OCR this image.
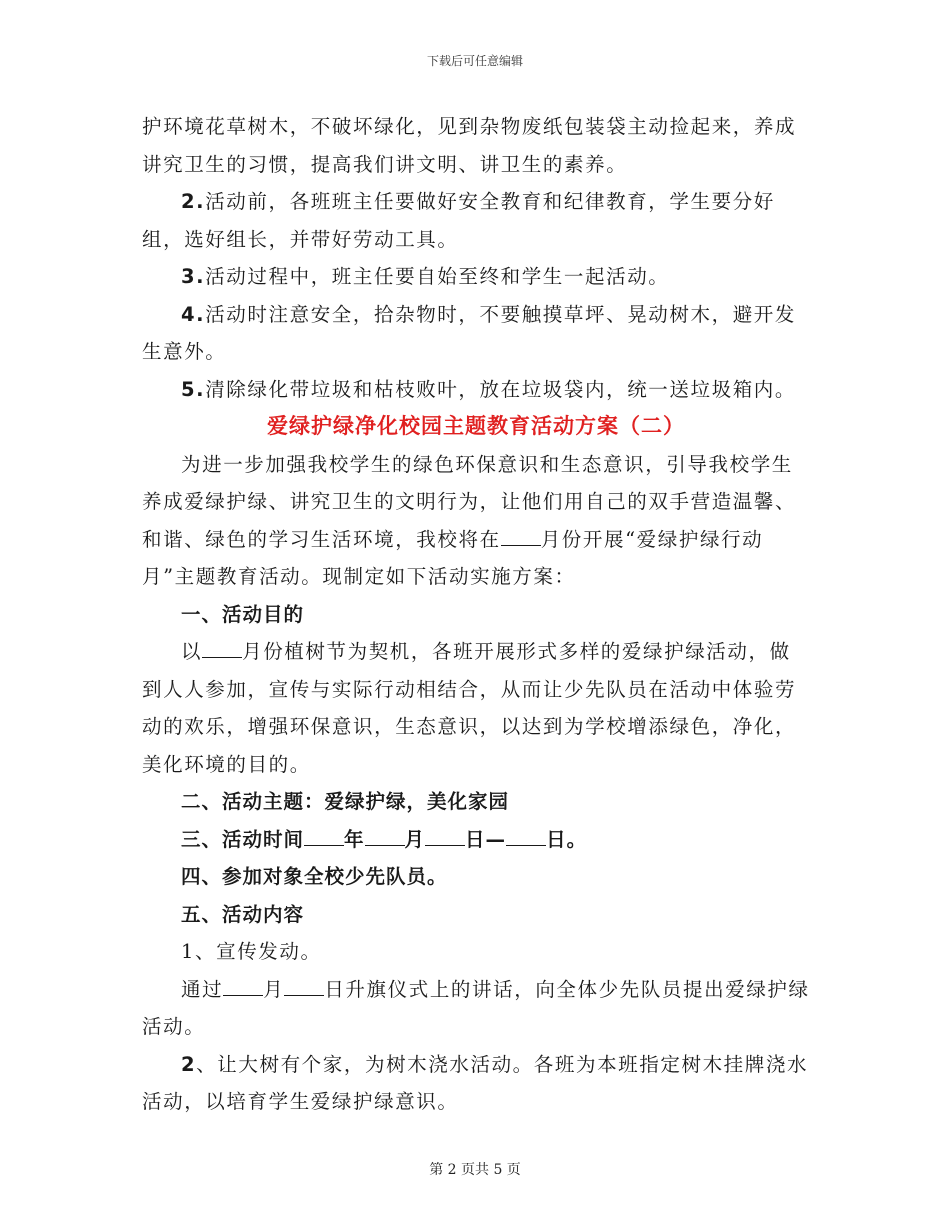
下载后可任意编辑

护环境花草树木，不破坏绿化，见到杂物废纸包装袋主动捡起来，养成讲究卫生的习惯，提高我们讲文明、讲卫生的素养。

2.活动前，各班班主任要做好安全教育和纪律教育，学生要分好组，选好组长，并带好劳动工具。

3.活动过程中，班主任要自始至终和学生一起活动。

4.活动时注意安全，拾杂物时，不要触摸草坪、晃动树木，避开发生意外。

5.清除绿化带垃圾和枯枝败叶，放在垃圾袋内，统一送垃圾箱内。

爱绿护绿净化校园主题教育活动方案（二）

为进一步加强我校学生的绿色环保意识和生态意识，引导我校学生养成爱绿护绿、讲究卫生的文明行为，让他们用自己的双手营造温馨、和谐、绿色的学习生活环境，我校将在 月份开展“爱绿护绿行动月”主题教育活动。现制定如下活动实施方案：

一、活动目的

以 月份植树节为契机，各班开展形式多样的爱绿护绿活动，做到人人参加，宣传与实际行动相结合，从而让少先队员在活动中体验劳动的欢乐，增强环保意识，生态意识，以达到为学校增添绿色，净化，美化环境的目的。

二、活动主题：爱绿护绿，美化家园

三、活动时间 年 月 日— 日。

四、参加对象全校少先队员。

五、活动内容

1、宣传发动。

通过 月 日升旗仪式上的讲话，向全体少先队员提出爱绿护绿活动。

2、让大树有个家，为树木浇水活动。各班为本班指定树木挂牌浇水活动，以培育学生爱绿护绿意识。

第 2 页共 5 页
